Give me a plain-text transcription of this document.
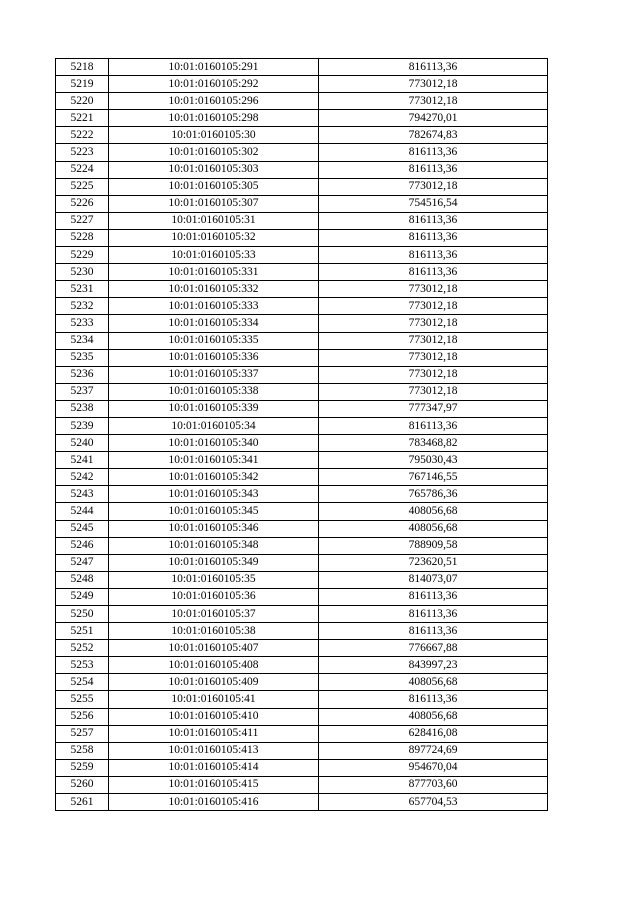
5218	10:01:0160105:291	816113,36
5219	10:01:0160105:292	773012,18
5220	10:01:0160105:296	773012,18
5221	10:01:0160105:298	794270,01
5222	10:01:0160105:30	782674,83
5223	10:01:0160105:302	816113,36
5224	10:01:0160105:303	816113,36
5225	10:01:0160105:305	773012,18
5226	10:01:0160105:307	754516,54
5227	10:01:0160105:31	816113,36
5228	10:01:0160105:32	816113,36
5229	10:01:0160105:33	816113,36
5230	10:01:0160105:331	816113,36
5231	10:01:0160105:332	773012,18
5232	10:01:0160105:333	773012,18
5233	10:01:0160105:334	773012,18
5234	10:01:0160105:335	773012,18
5235	10:01:0160105:336	773012,18
5236	10:01:0160105:337	773012,18
5237	10:01:0160105:338	773012,18
5238	10:01:0160105:339	777347,97
5239	10:01:0160105:34	816113,36
5240	10:01:0160105:340	783468,82
5241	10:01:0160105:341	795030,43
5242	10:01:0160105:342	767146,55
5243	10:01:0160105:343	765786,36
5244	10:01:0160105:345	408056,68
5245	10:01:0160105:346	408056,68
5246	10:01:0160105:348	788909,58
5247	10:01:0160105:349	723620,51
5248	10:01:0160105:35	814073,07
5249	10:01:0160105:36	816113,36
5250	10:01:0160105:37	816113,36
5251	10:01:0160105:38	816113,36
5252	10:01:0160105:407	776667,88
5253	10:01:0160105:408	843997,23
5254	10:01:0160105:409	408056,68
5255	10:01:0160105:41	816113,36
5256	10:01:0160105:410	408056,68
5257	10:01:0160105:411	628416,08
5258	10:01:0160105:413	897724,69
5259	10:01:0160105:414	954670,04
5260	10:01:0160105:415	877703,60
5261	10:01:0160105:416	657704,53
